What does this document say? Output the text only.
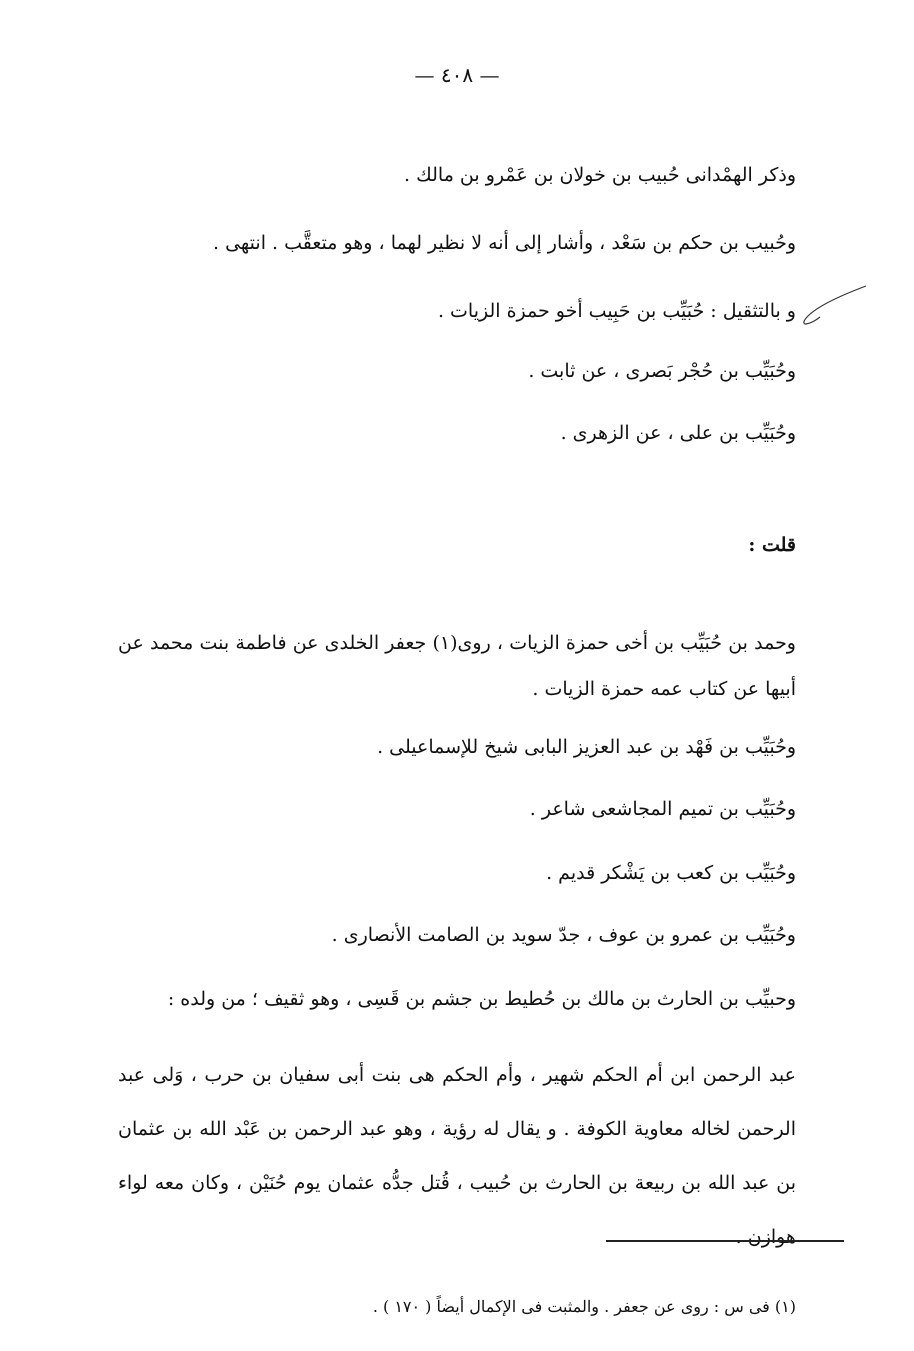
— ٤٠٨ —
وذكر الهمْدانى حُبيب بن خولان بن عَمْرو بن مالك .
وحُبيب بن حكم بن سَعْد ، وأشار إلى أنه لا نظير لهما ، وهو متعقَّب . انتهى .
و بالتثقيل : حُبَيِّب بن حَبِيب أخو حمزة الزيات .
وحُبَيِّب بن حُجْر بَصرى ، عن ثابت .
وحُبَيِّب بن على ، عن الزهرى .
قلت :
وحمد بن حُبَيِّب بن أخى حمزة الزيات ، روى(١) جعفر الخلدى عن فاطمة بنت محمد عن أبيها عن كتاب عمه حمزة الزيات .
وحُبَيِّب بن فَهْد بن عبد العزيز البابى شيخ للإسماعيلى .
وحُبَيِّب بن تميم المجاشعى شاعر .
وحُبَيِّب بن كعب بن يَشْكر قديم .
وحُبَيِّب بن عمرو بن عوف ، جدّ سويد بن الصامت الأنصارى .
وحبيِّب بن الحارث بن مالك بن حُطيط بن جشم بن قَسِى ، وهو ثقيف ؛ من ولده :
عبد الرحمن ابن أم الحكم شهير ، وأم الحكم هى بنت أبى سفيان بن حرب ، وَلى عبد الرحمن لخاله معاوية الكوفة . و يقال له رؤية ، وهو عبد الرحمن بن عَبْد الله بن عثمان بن عبد الله بن ربيعة بن الحارث بن حُبيب ، قُتل جدُّه عثمان يوم حُنَيْن ، وكان معه لواء هوازن .
(١) فى س : روى عن جعفر . والمثبت فى الإكمال أيضاً ( ١٧٠ ) .
